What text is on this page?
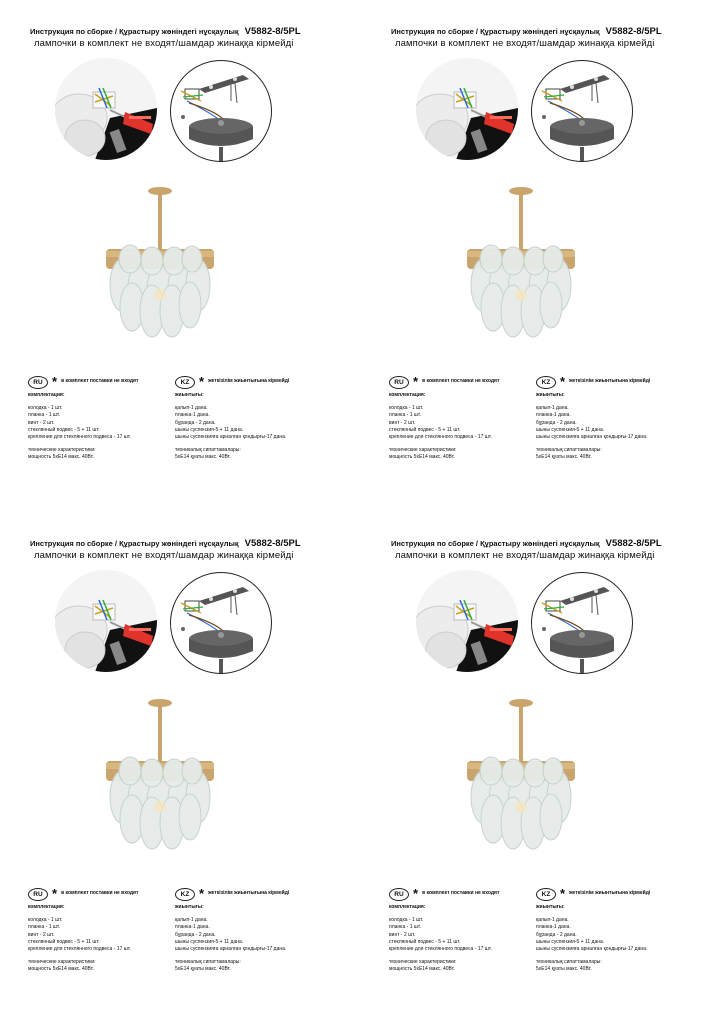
Инструкция по сборке / Құрастыру жөніндегі нұсқаулық V5882-8/5PL
лампочки в комплект не входят/шамдар жинаққа кірмейді
RU * в комплект поставки не входят
комплектация:
колодка - 1 шт.
планка - 1 шт.
винт - 2 шт.
стеклянный подвес - 5 + 11 шт.
крепление для стеклянного подвеса - 17 шт.
технические характеристики:
мощность 5xE14 макс. 40Вт.
KZ * жеткізілім жиынтығына кірмейді
жиынтығы:
қалып-1 дана.
планка-1 дана.
бұранда - 2 дана.
шыны суспензия-5 + 11 дана.
шыны суспензияға арналған қондырғы-17 дана.
техникалық сипаттамалары:
5xE14 қуаты макс. 40Вт.
Инструкция по сборке / Құрастыру жөніндегі нұсқаулық V5882-8/5PL
лампочки в комплект не входят/шамдар жинаққа кірмейді
RU * в комплект поставки не входят
комплектация:
колодка - 1 шт.
планка - 1 шт.
винт - 2 шт.
стеклянный подвес - 5 + 11 шт.
крепление для стеклянного подвеса - 17 шт.
технические характеристики:
мощность 5xE14 макс. 40Вт.
KZ * жеткізілім жиынтығына кірмейді
жиынтығы:
қалып-1 дана.
планка-1 дана.
бұранда - 2 дана.
шыны суспензия-5 + 11 дана.
шыны суспензияға арналған қондырғы-17 дана.
техникалық сипаттамалары:
5xE14 қуаты макс. 40Вт.
Инструкция по сборке / Құрастыру жөніндегі нұсқаулық V5882-8/5PL
лампочки в комплект не входят/шамдар жинаққа кірмейді
RU * в комплект поставки не входят
комплектация:
колодка - 1 шт.
планка - 1 шт.
винт - 2 шт.
стеклянный подвес - 5 + 11 шт.
крепление для стеклянного подвеса - 17 шт.
технические характеристики:
мощность 5xE14 макс. 40Вт.
KZ * жеткізілім жиынтығына кірмейді
жиынтығы:
қалып-1 дана.
планка-1 дана.
бұранда - 2 дана.
шыны суспензия-5 + 11 дана.
шыны суспензияға арналған қондырғы-17 дана.
техникалық сипаттамалары:
5xE14 қуаты макс. 40Вт.
Инструкция по сборке / Құрастыру жөніндегі нұсқаулық V5882-8/5PL
лампочки в комплект не входят/шамдар жинаққа кірмейді
RU * в комплект поставки не входят
комплектация:
колодка - 1 шт.
планка - 1 шт.
винт - 2 шт.
стеклянный подвес - 5 + 11 шт.
крепление для стеклянного подвеса - 17 шт.
технические характеристики:
мощность 5xE14 макс. 40Вт.
KZ * жеткізілім жиынтығына кірмейді
жиынтығы:
қалып-1 дана.
планка-1 дана.
бұранда - 2 дана.
шыны суспензия-5 + 11 дана.
шыны суспензияға арналған қондырғы-17 дана.
техникалық сипаттамалары:
5xE14 қуаты макс. 40Вт.
